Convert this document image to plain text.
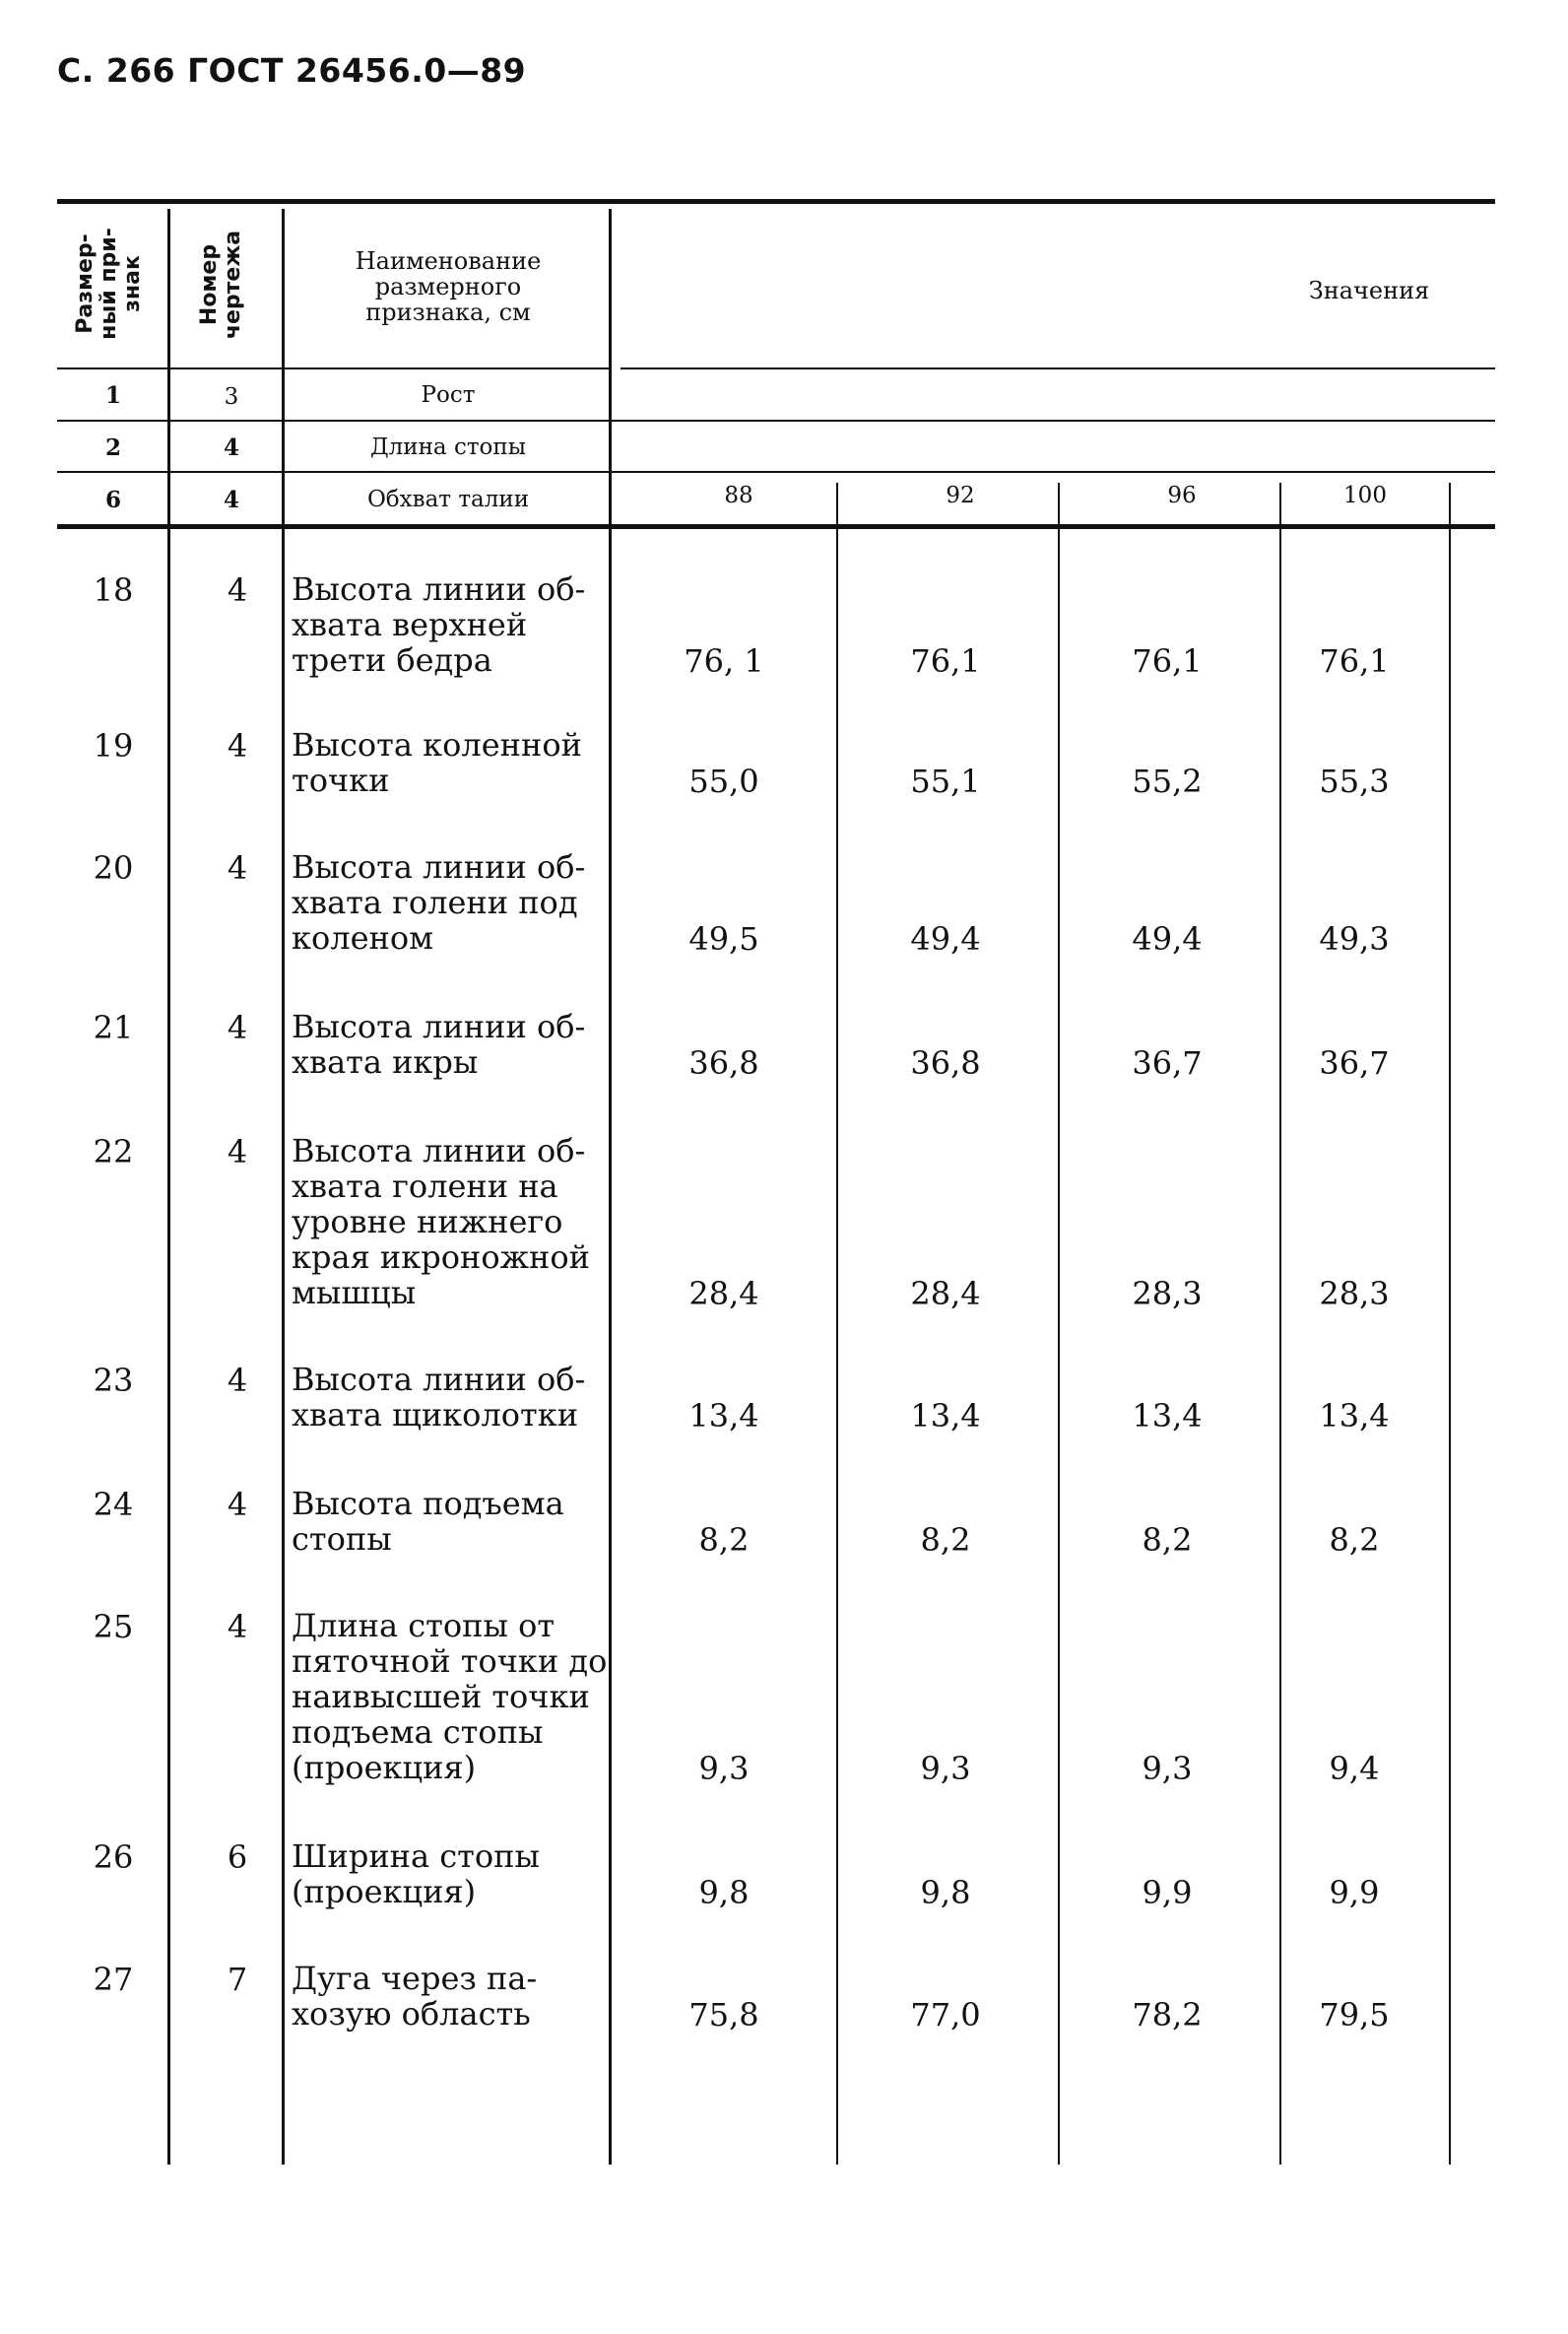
С. 266 ГОСТ 26456.0—89
Размер-
ный при-
знак	Номер
чертежа	Наименование размерного признака, см
Значения
1	3	Рост
2	4	Длина стопы
6	4	Обхват талии	88	92	96	100
18	4	Высота линии об-
хвата верхней
трети бедра	76, 1	76,1	76,1	76,1
19	4	Высота коленной
точки	55,0	55,1	55,2	55,3
20	4	Высота линии об-
хвата голени под
коленом	49,5	49,4	49,4	49,3
21	4	Высота линии об-
хвата икры	36,8	36,8	36,7	36,7
22	4	Высота линии об-
хвата голени на
уровне нижнего
края икроножной
мышцы	28,4	28,4	28,3	28,3
23	4	Высота линии об-
хвата щиколотки	13,4	13,4	13,4	13,4
24	4	Высота подъема
стопы	8,2	8,2	8,2	8,2
25	4	Длина стопы от
пяточной точки до
наивысшей точки
подъема стопы
(проекция)	9,3	9,3	9,3	9,4
26	6	Ширина стопы
(проекция)	9,8	9,8	9,9	9,9
27	7	Дуга через па-
хозую область	75,8	77,0	78,2	79,5
